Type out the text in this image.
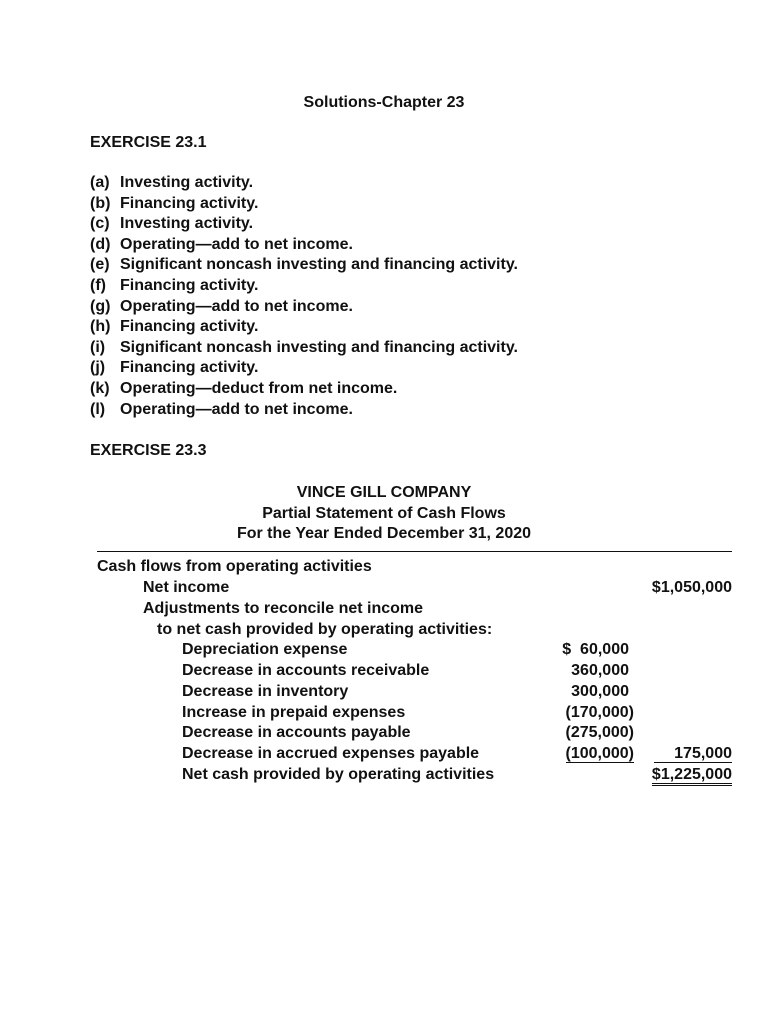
Solutions-Chapter 23
EXERCISE 23.1
(a) Investing activity.
(b) Financing activity.
(c) Investing activity.
(d) Operating—add to net income.
(e) Significant noncash investing and financing activity.
(f) Financing activity.
(g) Operating—add to net income.
(h) Financing activity.
(i) Significant noncash investing and financing activity.
(j) Financing activity.
(k) Operating—deduct from net income.
(l) Operating—add to net income.
EXERCISE 23.3
VINCE GILL COMPANY
Partial Statement of Cash Flows
For the Year Ended December 31, 2020
Cash flows from operating activities
Net income	$1,050,000
Adjustments to reconcile net income
to net cash provided by operating activities:
Depreciation expense	$  60,000
Decrease in accounts receivable	360,000
Decrease in inventory	300,000
Increase in prepaid expenses	(170,000)
Decrease in accounts payable	(275,000)
Decrease in accrued expenses payable	(100,000)	175,000
Net cash provided by operating activities	$1,225,000
